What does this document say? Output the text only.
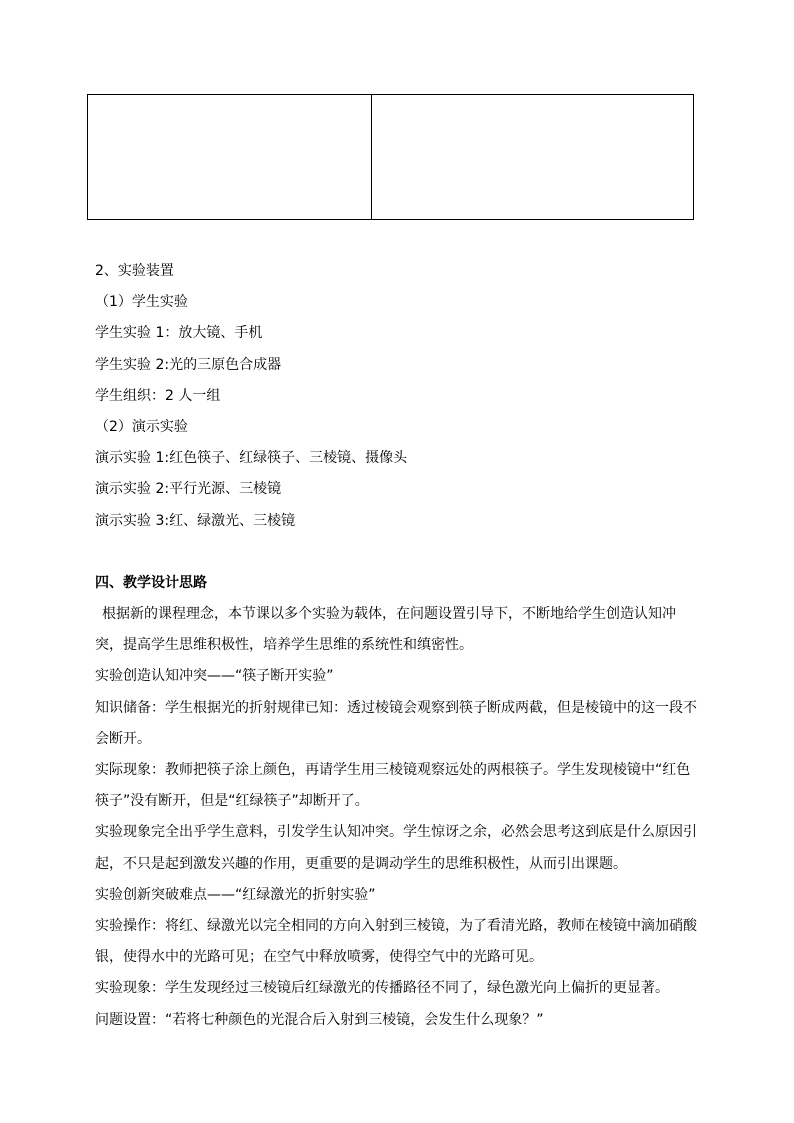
2、实验装置
（1）学生实验
学生实验 1：放大镜、手机
学生实验 2:光的三原色合成器
学生组织：2 人一组
（2）演示实验
演示实验 1:红色筷子、红绿筷子、三棱镜、摄像头
演示实验 2:平行光源、三棱镜
演示实验 3:红、绿激光、三棱镜
四、教学设计思路
根据新的课程理念，本节课以多个实验为载体，在问题设置引导下，不断地给学生创造认知冲突，提高学生思维积极性，培养学生思维的系统性和缜密性。
实验创造认知冲突——“筷子断开实验”
知识储备：学生根据光的折射规律已知：透过棱镜会观察到筷子断成两截，但是棱镜中的这一段不会断开。
实际现象：教师把筷子涂上颜色，再请学生用三棱镜观察远处的两根筷子。学生发现棱镜中“红色筷子”没有断开，但是“红绿筷子”却断开了。
实验现象完全出乎学生意料，引发学生认知冲突。学生惊讶之余，必然会思考这到底是什么原因引起，不只是起到激发兴趣的作用，更重要的是调动学生的思维积极性，从而引出课题。
实验创新突破难点——“红绿激光的折射实验”
实验操作：将红、绿激光以完全相同的方向入射到三棱镜，为了看清光路，教师在棱镜中滴加硝酸银，使得水中的光路可见；在空气中释放喷雾，使得空气中的光路可见。
实验现象：学生发现经过三棱镜后红绿激光的传播路径不同了，绿色激光向上偏折的更显著。
问题设置：“若将七种颜色的光混合后入射到三棱镜，会发生什么现象？”
